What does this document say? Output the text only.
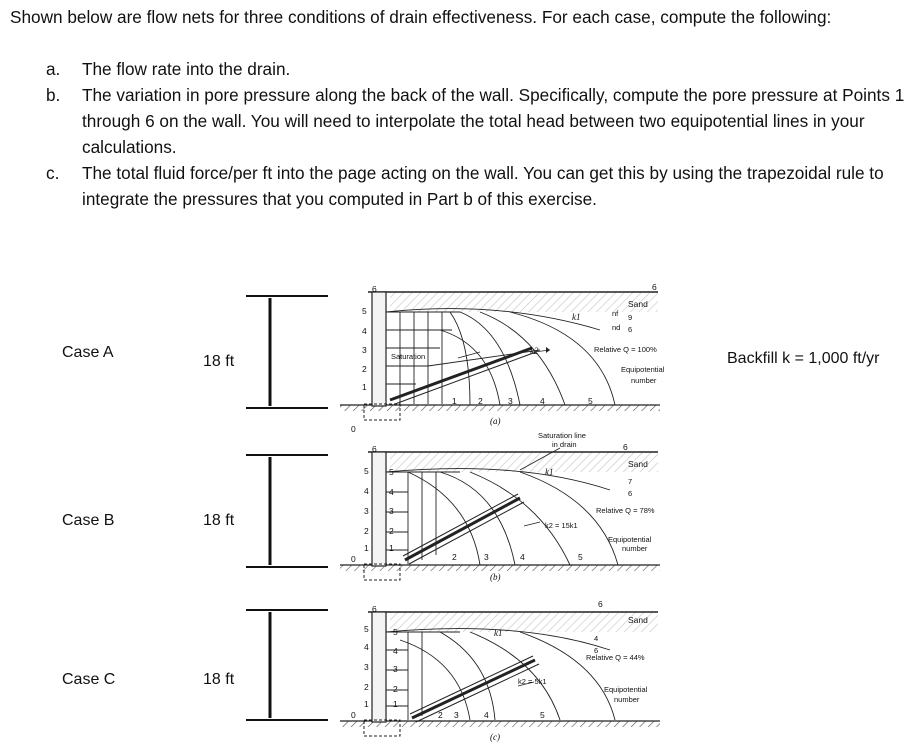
Shown below are flow nets for three conditions of drain effectiveness. For each case, compute the following:

a. The flow rate into the drain.
b. The variation in pore pressure along the back of the wall. Specifically, compute the pore pressure at Points 1 through 6 on the wall. You will need to interpolate the total head between two equipotential lines in your calculations.
c. The total fluid force/per ft into the page acting on the wall. You can get this by using the trapezoidal rule to integrate the pressures that you computed in Part b of this exercise.
Case A
18 ft
Case B	18 ft
Case C	18 ft
Backfill k = 1,000 ft/yr
6
5
4
3
2
1
0
6
(a)
Sand
Relative Q = 100%
Equipotential
number
k1
1	2	3	4	5
6
5
4
3
2
1
0
6
(b)
Sand
Relative Q = 78%
Equipotential
number
k1
2	3	4	5
5
4
3
2
1
6
5
4
3
2
1
0
6
(c)
Sand
Relative Q = 44%
Equipotential
number
k1
2 3	4	5
5
4
3
2
1
Saturation
k2
nf
nd
9
6
Saturation line
in drain
k2 = 15k1
7
6
k2 = 5k1
4
6
